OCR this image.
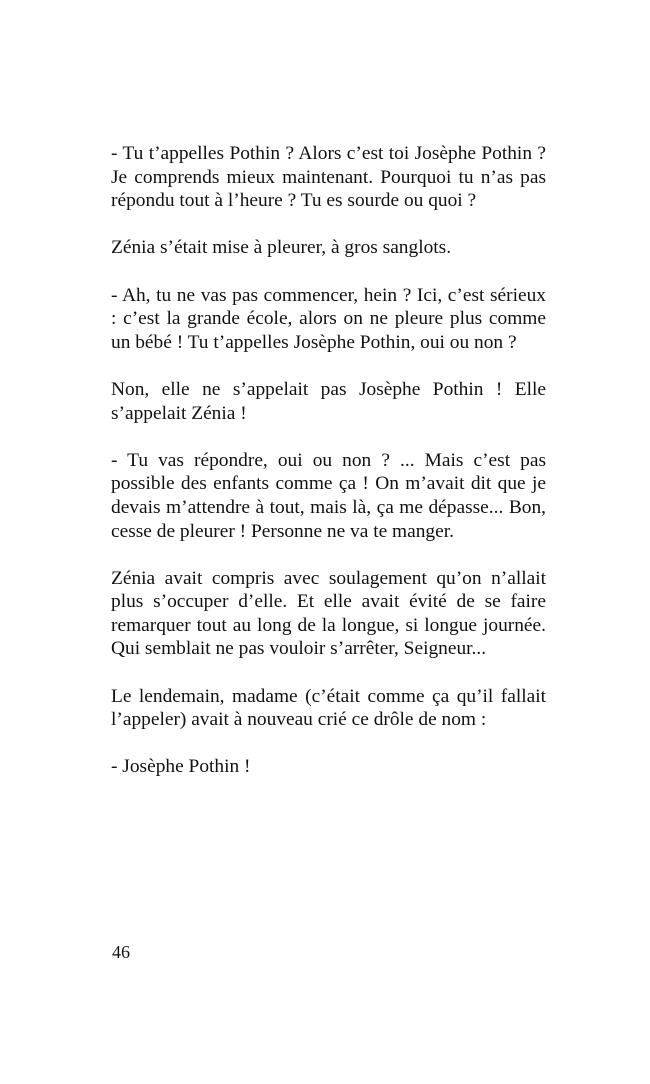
- Tu t’appelles Pothin ? Alors c’est toi Josèphe Pothin ? Je comprends mieux maintenant. Pourquoi tu n’as pas répondu tout à l’heure ? Tu es sourde ou quoi ?

Zénia s’était mise à pleurer, à gros sanglots.

- Ah, tu ne vas pas commencer, hein ? Ici, c’est sérieux : c’est la grande école, alors on ne pleure plus comme un bébé ! Tu t’appelles Josèphe Pothin, oui ou non ?

Non, elle ne s’appelait pas Josèphe Pothin ! Elle s’appelait Zénia !

- Tu vas répondre, oui ou non ? ... Mais c’est pas possible des enfants comme ça ! On m’avait dit que je devais m’attendre à tout, mais là, ça me dépasse... Bon, cesse de pleurer ! Personne ne va te manger.

Zénia avait compris avec soulagement qu’on n’allait plus s’occuper d’elle. Et elle avait évité de se faire remarquer tout au long de la longue, si longue journée. Qui semblait ne pas vouloir s’arrêter, Seigneur...

Le lendemain, madame (c’était comme ça qu’il fallait l’appeler) avait à nouveau crié ce drôle de nom :

- Josèphe Pothin !

46
